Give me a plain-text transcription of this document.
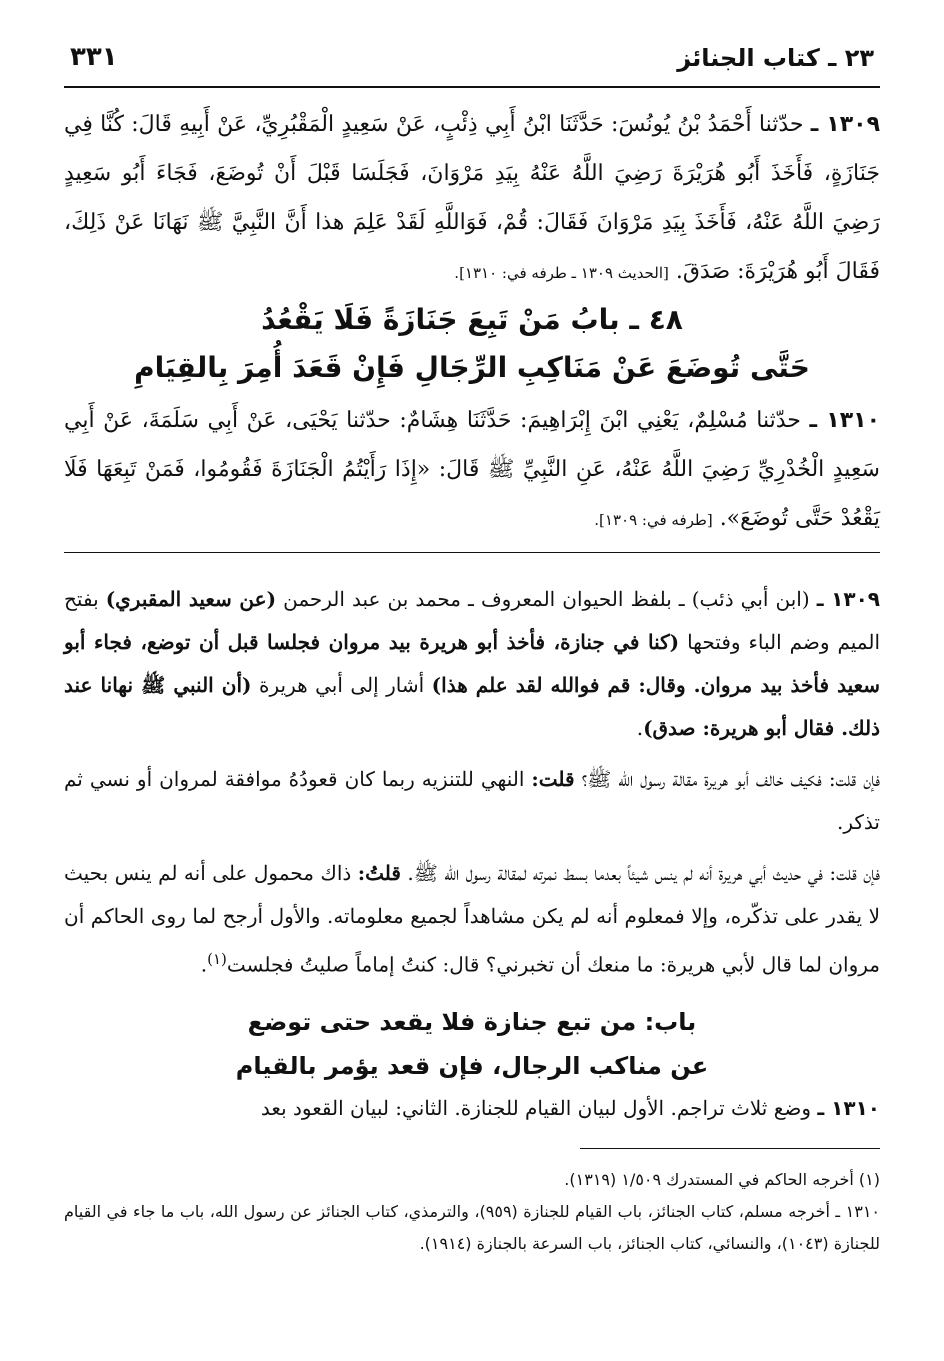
٣٣١	٢٣ ـ كتاب الجنائز
١٣٠٩ ـ حدّثنا أَحْمَدُ بْنُ يُونُسَ: حَدَّثَنَا ابْنُ أَبِي ذِئْبٍ، عَنْ سَعِيدٍ الْمَقْبُرِيِّ، عَنْ أَبِيهِ قَالَ: كُنَّا فِي جَنَازَةٍ، فَأَخَذَ أَبُو هُرَيْرَةَ رَضِيَ اللَّهُ عَنْهُ بِيَدِ مَرْوَانَ، فَجَلَسَا قَبْلَ أَنْ تُوضَعَ، فَجَاءَ أَبُو سَعِيدٍ رَضِيَ اللَّهُ عَنْهُ، فَأَخَذَ بِيَدِ مَرْوَانَ فَقَالَ: قُمْ، فَوَاللَّهِ لَقَدْ عَلِمَ هذا أَنَّ النَّبِيَّ ﷺ نَهَانَا عَنْ ذَلِكَ، فَقَالَ أَبُو هُرَيْرَةَ: صَدَقَ. [الحديث ١٣٠٩ ـ طرفه في: ١٣١٠].
٤٨ ـ بابُ مَنْ تَبِعَ جَنَازَةً فَلَا يَقْعُدُ
حَتَّى تُوضَعَ عَنْ مَنَاكِبِ الرِّجَالِ فَإِنْ قَعَدَ أُمِرَ بِالقِيَامِ
١٣١٠ ـ حدّثنا مُسْلِمٌ، يَعْنِي ابْنَ إِبْرَاهِيمَ: حَدَّثَنَا هِشَامٌ: حدّثنا يَحْيَى، عَنْ أَبِي سَلَمَةَ، عَنْ أَبِي سَعِيدٍ الْخُدْرِيِّ رَضِيَ اللَّهُ عَنْهُ، عَنِ النَّبِيِّ ﷺ قَالَ: «إِذَا رَأَيْتُمُ الْجَنَازَةَ فَقُومُوا، فَمَنْ تَبِعَهَا فَلَا يَقْعُدْ حَتَّى تُوضَعَ». [طرفه في: ١٣٠٩].

١٣٠٩ ـ (ابن أبي ذئب) ـ بلفظ الحيوان المعروف ـ محمد بن عبد الرحمن (عن سعيد المقبري) بفتح الميم وضم الباء وفتحها (كنا في جنازة، فأخذ أبو هريرة بيد مروان فجلسا قبل أن توضع، فجاء أبو سعيد فأخذ بيد مروان. وقال: قم فوالله لقد علم هذا) أشار إلى أبي هريرة (أن النبي ﷺ نهانا عند ذلك. فقال أبو هريرة: صدق).

فإن قلت: فكيف خالف أبو هريرة مقالة رسول الله ﷺ؟ قلت: النهي للتنزيه ربما كان قعودُهُ موافقة لمروان أو نسي ثم تذكر.

فإن قلت: في حديث أبي هريرة أنه لم ينس شيئاً بعدما بسط نمرته لمقالة رسول الله ﷺ. قلتُ: ذاك محمول على أنه لم ينس بحيث لا يقدر على تذكّره، وإلا فمعلوم أنه لم يكن مشاهداً لجميع معلوماته. والأول أرجح لما روى الحاكم أن مروان لما قال لأبي هريرة: ما منعك أن تخبرني؟ قال: كنتُ إماماً صليتُ فجلست$^{(١)}$.

باب: من تبع جنازة فلا يقعد حتى توضع
عن مناكب الرجال، فإن قعد يؤمر بالقيام
١٣١٠ ـ وضع ثلاث تراجم. الأول لبيان القيام للجنازة. الثاني: لبيان القعود بعد

(١) أخرجه الحاكم في المستدرك ١/٥٠٩ (١٣١٩).

١٣١٠ ـ أخرجه مسلم، كتاب الجنائز، باب القيام للجنازة (٩٥٩)، والترمذي، كتاب الجنائز عن رسول الله، باب ما جاء في القيام للجنازة (١٠٤٣)، والنسائي، كتاب الجنائز، باب السرعة بالجنازة (١٩١٤).
